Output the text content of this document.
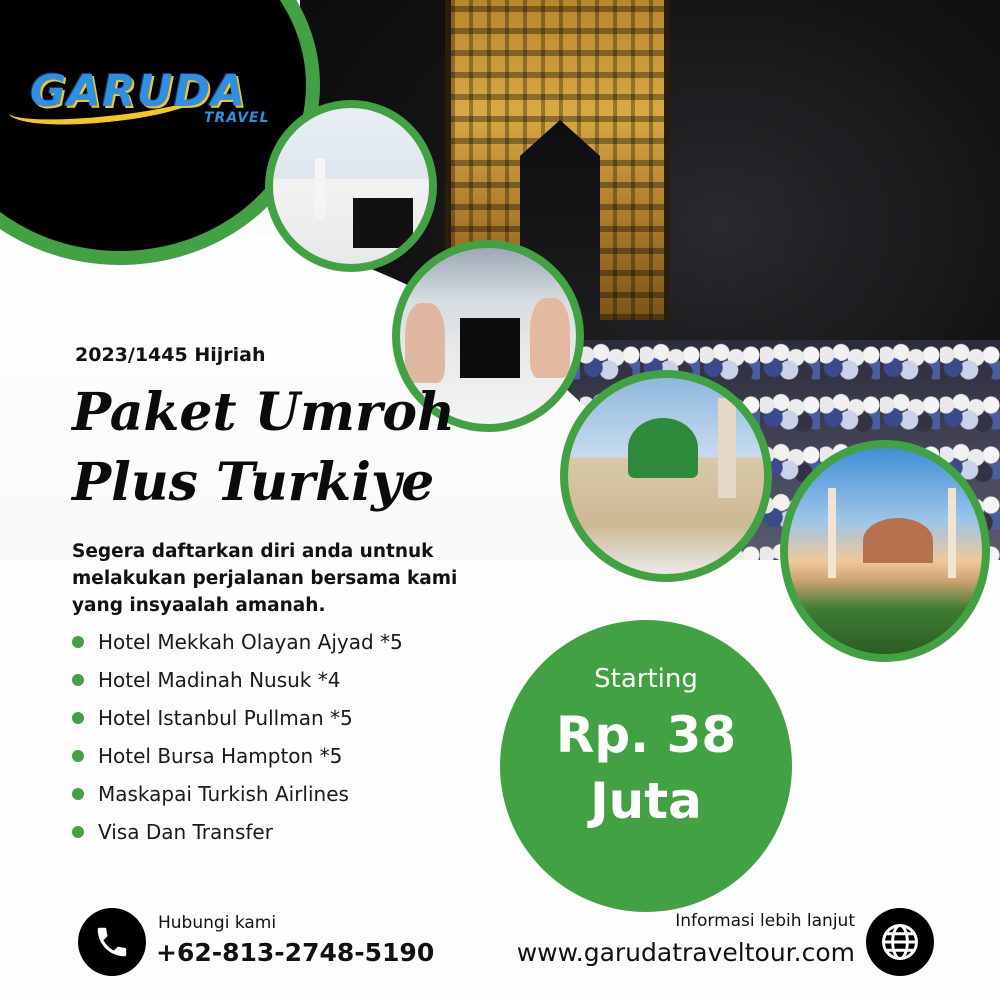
GARUDA
TRAVEL
2023/1445 Hijriah
Paket Umroh
Plus Turkiye
Segera daftarkan diri anda untnuk melakukan perjalanan bersama kami yang insyaalah amanah.
Hotel Mekkah Olayan Ajyad *5
Hotel Madinah Nusuk *4
Hotel Istanbul Pullman *5
Hotel Bursa Hampton *5
Maskapai Turkish Airlines
Visa Dan Transfer
Starting
Rp. 38
Juta
Hubungi kami
+62-813-2748-5190
Informasi lebih lanjut
www.garudatraveltour.com
